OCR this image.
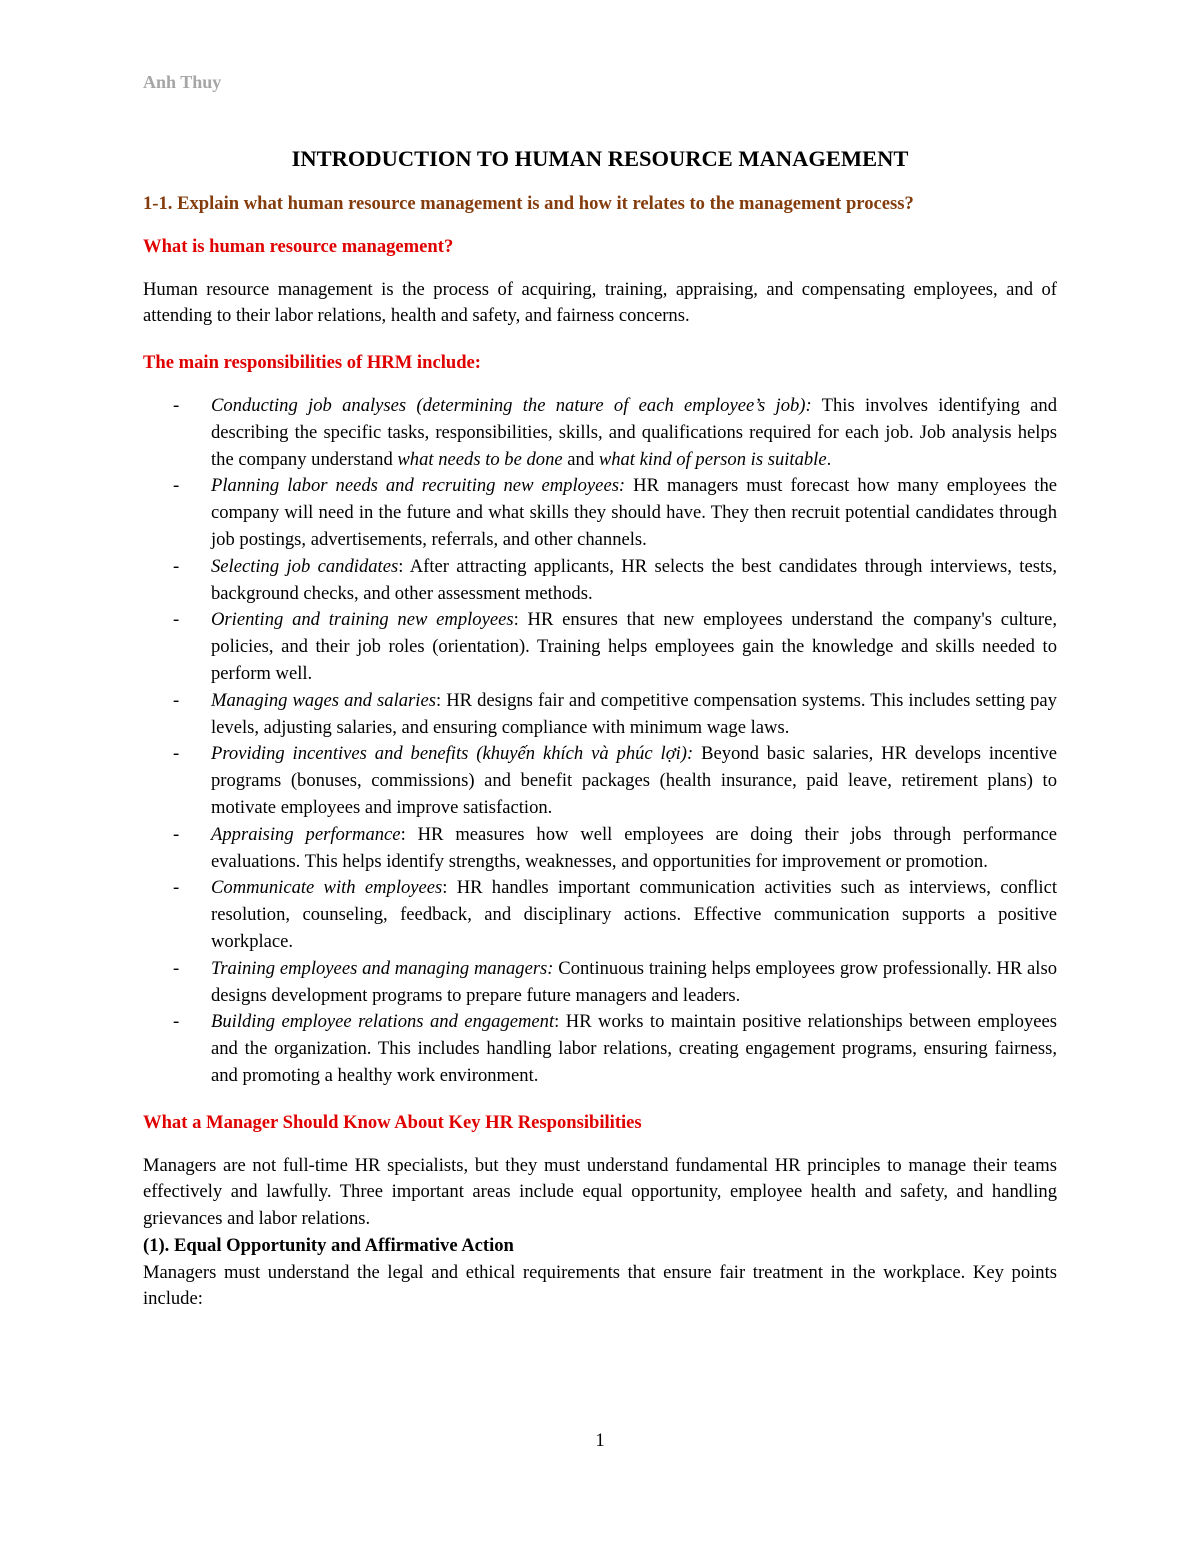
Anh Thuy
INTRODUCTION TO HUMAN RESOURCE MANAGEMENT
1-1. Explain what human resource management is and how it relates to the management process?
What is human resource management?

Human resource management is the process of acquiring, training, appraising, and compensating employees, and of attending to their labor relations, health and safety, and fairness concerns.

The main responsibilities of HRM include:
- Conducting job analyses (determining the nature of each employee’s job): This involves identifying and describing the specific tasks, responsibilities, skills, and qualifications required for each job. Job analysis helps the company understand what needs to be done and what kind of person is suitable.
- Planning labor needs and recruiting new employees: HR managers must forecast how many employees the company will need in the future and what skills they should have. They then recruit potential candidates through job postings, advertisements, referrals, and other channels.
- Selecting job candidates: After attracting applicants, HR selects the best candidates through interviews, tests, background checks, and other assessment methods.
- Orienting and training new employees: HR ensures that new employees understand the company's culture, policies, and their job roles (orientation). Training helps employees gain the knowledge and skills needed to perform well.
- Managing wages and salaries: HR designs fair and competitive compensation systems. This includes setting pay levels, adjusting salaries, and ensuring compliance with minimum wage laws.
- Providing incentives and benefits (khuyến khích và phúc lợi): Beyond basic salaries, HR develops incentive programs (bonuses, commissions) and benefit packages (health insurance, paid leave, retirement plans) to motivate employees and improve satisfaction.
- Appraising performance: HR measures how well employees are doing their jobs through performance evaluations. This helps identify strengths, weaknesses, and opportunities for improvement or promotion.
- Communicate with employees: HR handles important communication activities such as interviews, conflict resolution, counseling, feedback, and disciplinary actions. Effective communication supports a positive workplace.
- Training employees and managing managers: Continuous training helps employees grow professionally. HR also designs development programs to prepare future managers and leaders.
- Building employee relations and engagement: HR works to maintain positive relationships between employees and the organization. This includes handling labor relations, creating engagement programs, ensuring fairness, and promoting a healthy work environment.
What a Manager Should Know About Key HR Responsibilities

Managers are not full-time HR specialists, but they must understand fundamental HR principles to manage their teams effectively and lawfully. Three important areas include equal opportunity, employee health and safety, and handling grievances and labor relations.

(1). Equal Opportunity and Affirmative Action

Managers must understand the legal and ethical requirements that ensure fair treatment in the workplace. Key points include:

1
